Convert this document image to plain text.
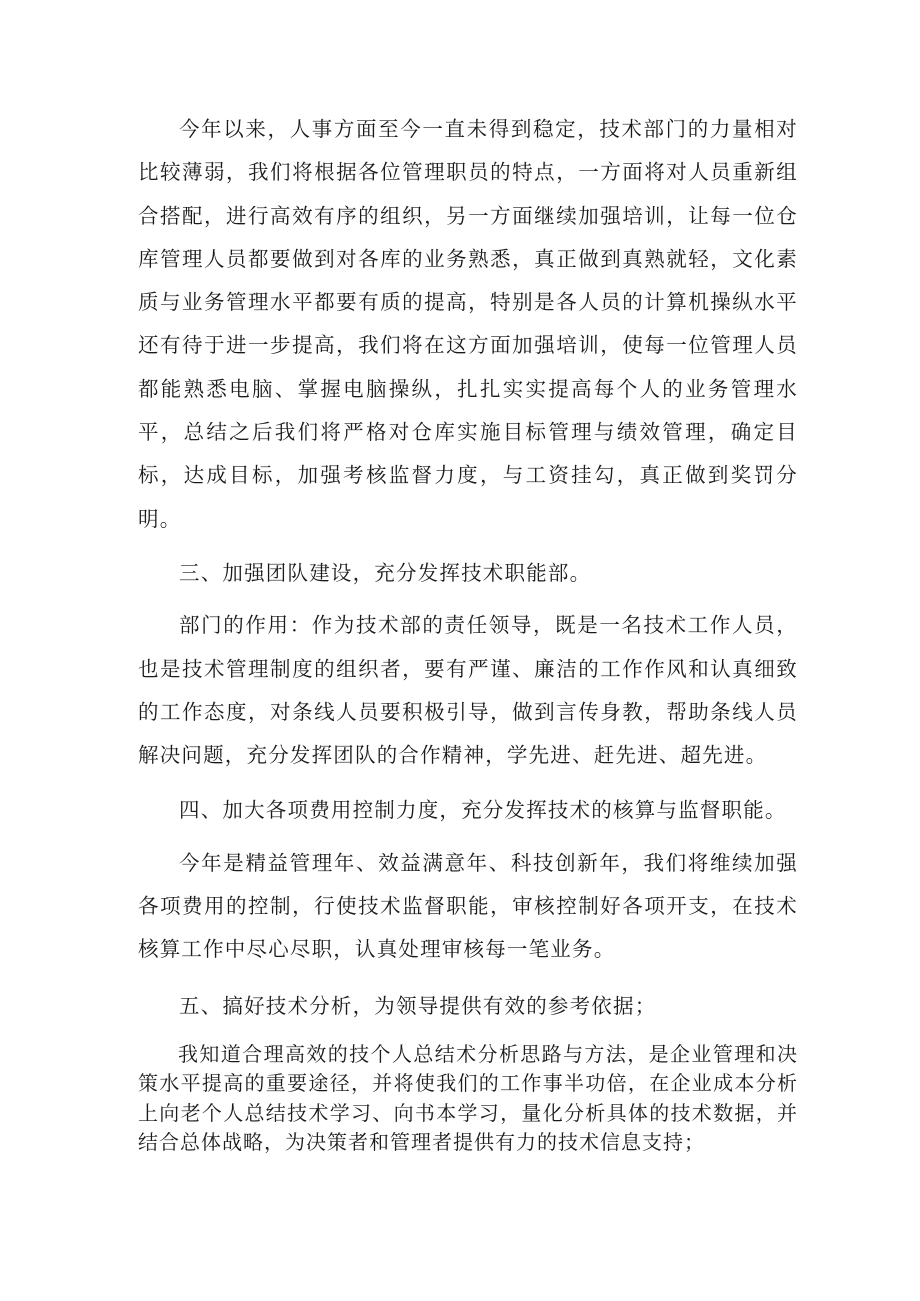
今年以来，人事方面至今一直未得到稳定，技术部门的力量相对比较薄弱，我们将根据各位管理职员的特点，一方面将对人员重新组合搭配，进行高效有序的组织，另一方面继续加强培训，让每一位仓库管理人员都要做到对各库的业务熟悉，真正做到真熟就轻，文化素质与业务管理水平都要有质的提高，特别是各人员的计算机操纵水平还有待于进一步提高，我们将在这方面加强培训，使每一位管理人员都能熟悉电脑、掌握电脑操纵，扎扎实实提高每个人的业务管理水平，总结之后我们将严格对仓库实施目标管理与绩效管理，确定目标，达成目标，加强考核监督力度，与工资挂勾，真正做到奖罚分明。

三、加强团队建设，充分发挥技术职能部。

部门的作用：作为技术部的责任领导，既是一名技术工作人员，也是技术管理制度的组织者，要有严谨、廉洁的工作作风和认真细致的工作态度，对条线人员要积极引导，做到言传身教，帮助条线人员解决问题，充分发挥团队的合作精神，学先进、赶先进、超先进。

四、加大各项费用控制力度，充分发挥技术的核算与监督职能。

今年是精益管理年、效益满意年、科技创新年，我们将维续加强各项费用的控制，行使技术监督职能，审核控制好各项开支，在技术核算工作中尽心尽职，认真处理审核每一笔业务。

五、搞好技术分析，为领导提供有效的参考依据；

我知道合理高效的技个人总结术分析思路与方法，是企业管理和决策水平提高的重要途径，并将使我们的工作事半功倍，在企业成本分析上向老个人总结技术学习、向书本学习，量化分析具体的技术数据，并结合总体战略，为决策者和管理者提供有力的技术信息支持；
